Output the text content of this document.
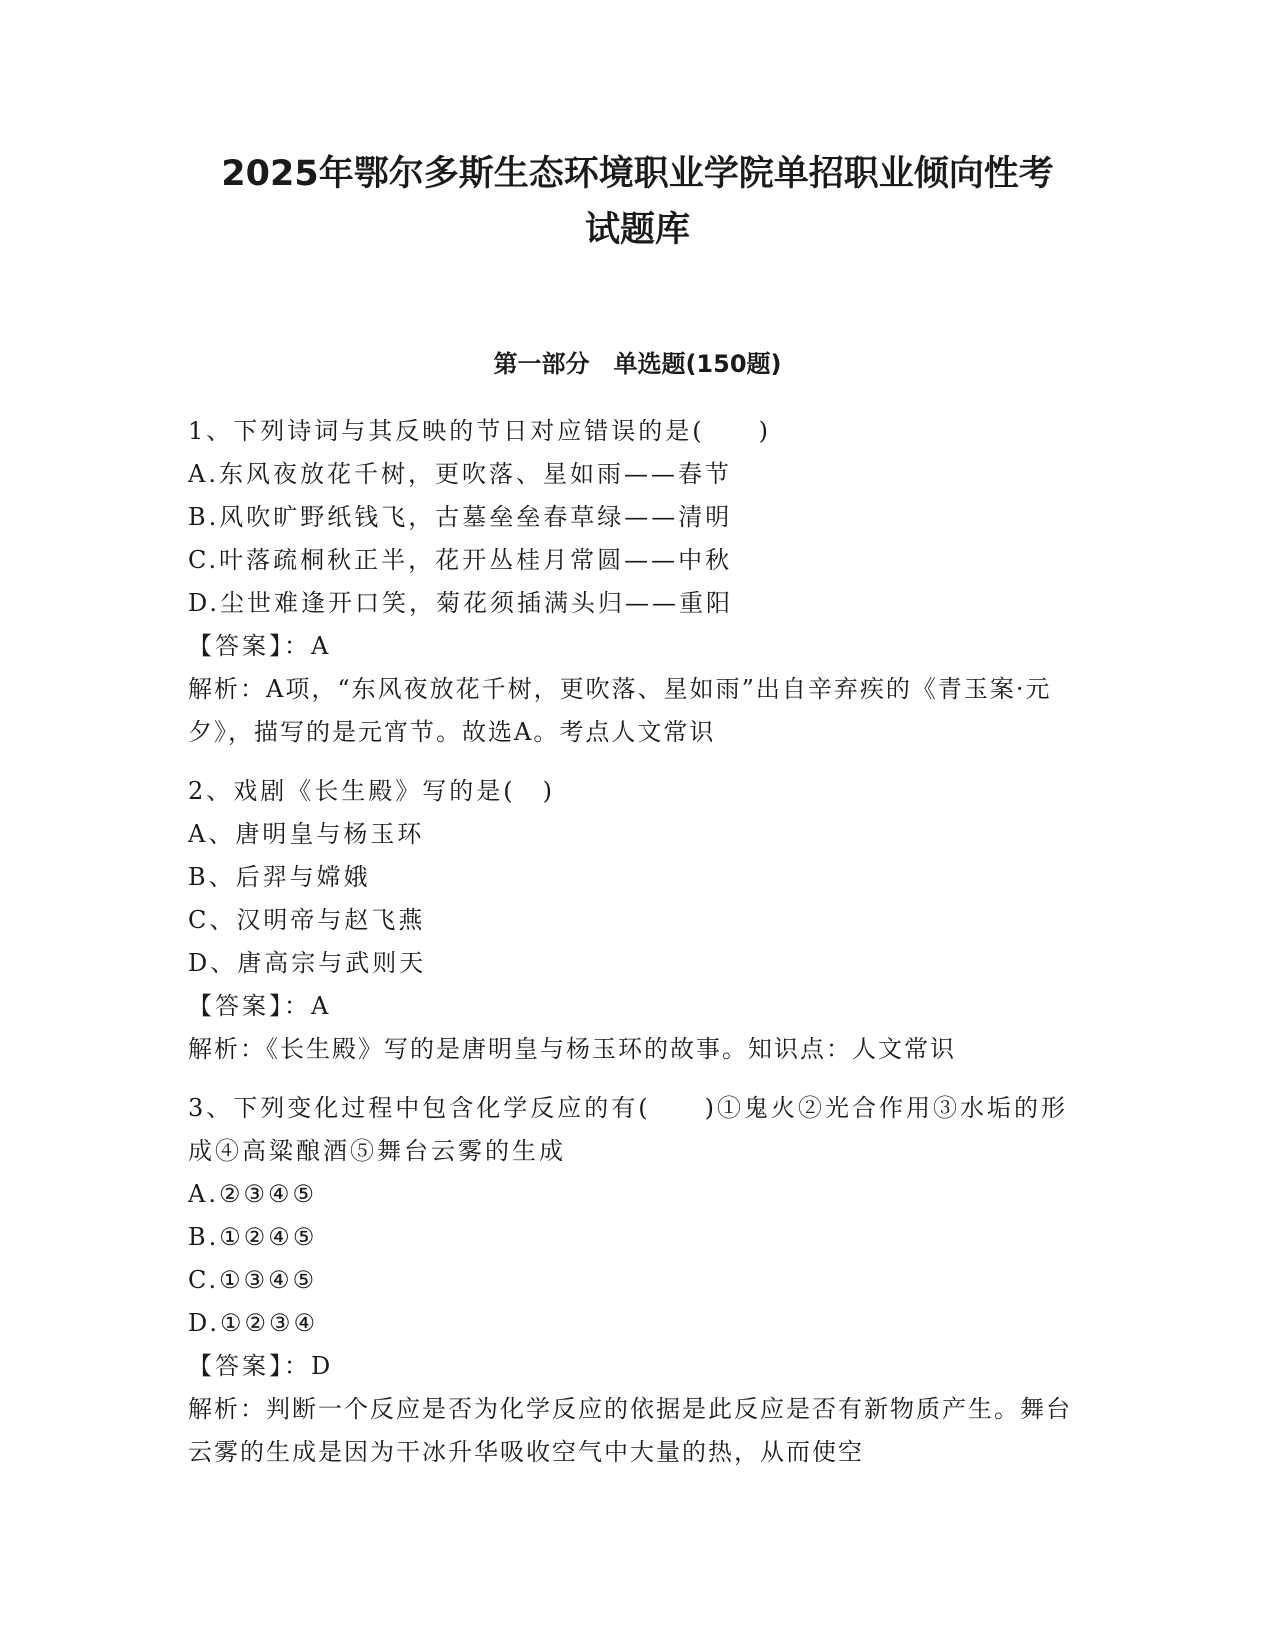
2025年鄂尔多斯生态环境职业学院单招职业倾向性考
试题库
第一部分　单选题(150题)
1、下列诗词与其反映的节日对应错误的是(　　)
A.东风夜放花千树，更吹落、星如雨——春节
B.风吹旷野纸钱飞，古墓垒垒春草绿——清明
C.叶落疏桐秋正半，花开丛桂月常圆——中秋
D.尘世难逢开口笑，菊花须插满头归——重阳
【答案】：A
解析：A项，“东风夜放花千树，更吹落、星如雨”出自辛弃疾的《青玉案·元夕》，描写的是元宵节。故选A。考点人文常识
2、戏剧《长生殿》写的是(　)
A、唐明皇与杨玉环
B、后羿与嫦娥
C、汉明帝与赵飞燕
D、唐高宗与武则天
【答案】：A
解析：《长生殿》写的是唐明皇与杨玉环的故事。知识点：人文常识
3、下列变化过程中包含化学反应的有(　　)①鬼火②光合作用③水垢的形成④高粱酿酒⑤舞台云雾的生成
A.②③④⑤
B.①②④⑤
C.①③④⑤
D.①②③④
【答案】：D
解析：判断一个反应是否为化学反应的依据是此反应是否有新物质产生。舞台云雾的生成是因为干冰升华吸收空气中大量的热，从而使空
